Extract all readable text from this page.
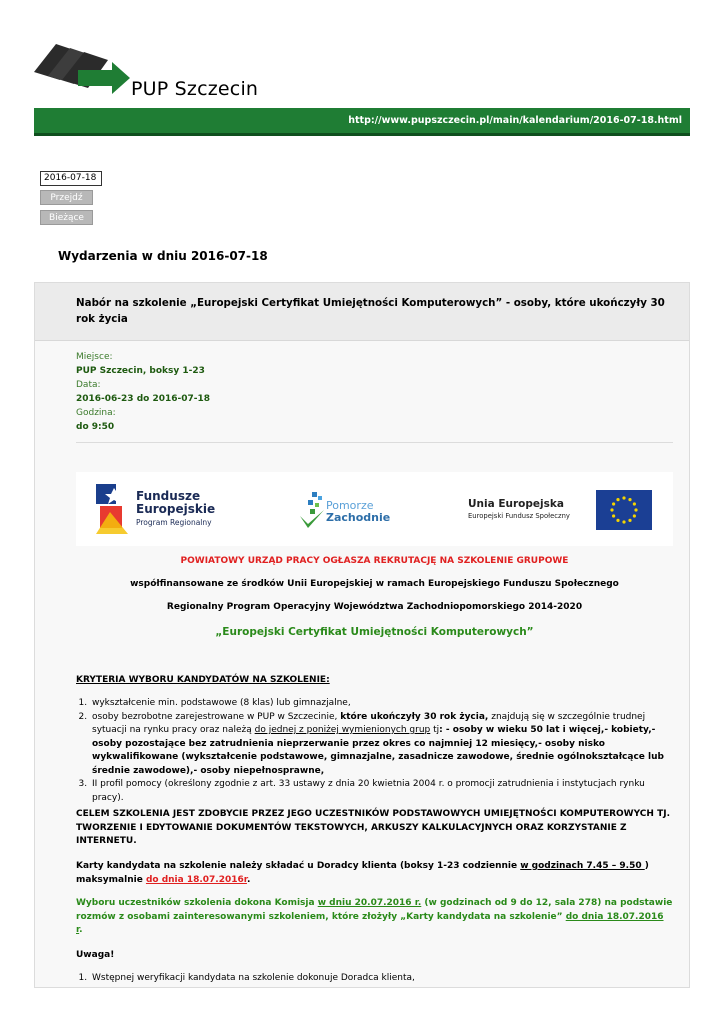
PUP Szczecin
http://www.pupszczecin.pl/main/kalendarium/2016-07-18.html
2016-07-18
Przejdź
Bieżące
Wydarzenia w dniu 2016-07-18
Nabór na szkolenie „Europejski Certyfikat Umiejętności Komputerowych” - osoby, które ukończyły 30 rok życia
Miejsce:
PUP Szczecin, boksy 1-23
Data:
2016-06-23 do 2016-07-18
Godzina:
do 9:50
Fundusze
Europejskie
Program Regionalny
Pomorze
Zachodnie
Unia Europejska
Europejski Fundusz Społeczny
POWIATOWY URZĄD PRACY OGŁASZA REKRUTACJĘ NA SZKOLENIE GRUPOWE
współfinansowane ze środków Unii Europejskiej w ramach Europejskiego Funduszu Społecznego
Regionalny Program Operacyjny Województwa Zachodniopomorskiego 2014-2020
„Europejski Certyfikat Umiejętności Komputerowych”
KRYTERIA WYBORU KANDYDATÓW NA SZKOLENIE:
1. wykształcenie min. podstawowe (8 klas) lub gimnazjalne,
2. osoby bezrobotne zarejestrowane w PUP w Szczecinie, które ukończyły 30 rok życia, znajdują się w szczególnie trudnej sytuacji na rynku pracy oraz należą do jednej z poniżej wymienionych grup tj: - osoby w wieku 50 lat i więcej,- kobiety,- osoby pozostające bez zatrudnienia nieprzerwanie przez okres co najmniej 12 miesięcy,- osoby nisko wykwalifikowane (wykształcenie podstawowe, gimnazjalne, zasadnicze zawodowe, średnie ogólnokształcące lub średnie zawodowe),- osoby niepełnosprawne,
3. II profil pomocy (określony zgodnie z art. 33 ustawy z dnia 20 kwietnia 2004 r. o promocji zatrudnienia i instytucjach rynku pracy).
CELEM SZKOLENIA JEST ZDOBYCIE PRZEZ JEGO UCZESTNIKÓW PODSTAWOWYCH UMIEJĘTNOŚCI KOMPUTEROWYCH TJ. TWORZENIE I EDYTOWANIE DOKUMENTÓW TEKSTOWYCH, ARKUSZY KALKULACYJNYCH ORAZ KORZYSTANIE Z INTERNETU.
Karty kandydata na szkolenie należy składać u Doradcy klienta (boksy 1-23 codziennie w godzinach 7.45 – 9.50 ) maksymalnie do dnia 18.07.2016r.
Wyboru uczestników szkolenia dokona Komisja w dniu 20.07.2016 r. (w godzinach od 9 do 12, sala 278) na podstawie rozmów z osobami zainteresowanymi szkoleniem, które złożyły „Karty kandydata na szkolenie” do dnia 18.07.2016 r.
Uwaga!
1. Wstępnej weryfikacji kandydata na szkolenie dokonuje Doradca klienta,
